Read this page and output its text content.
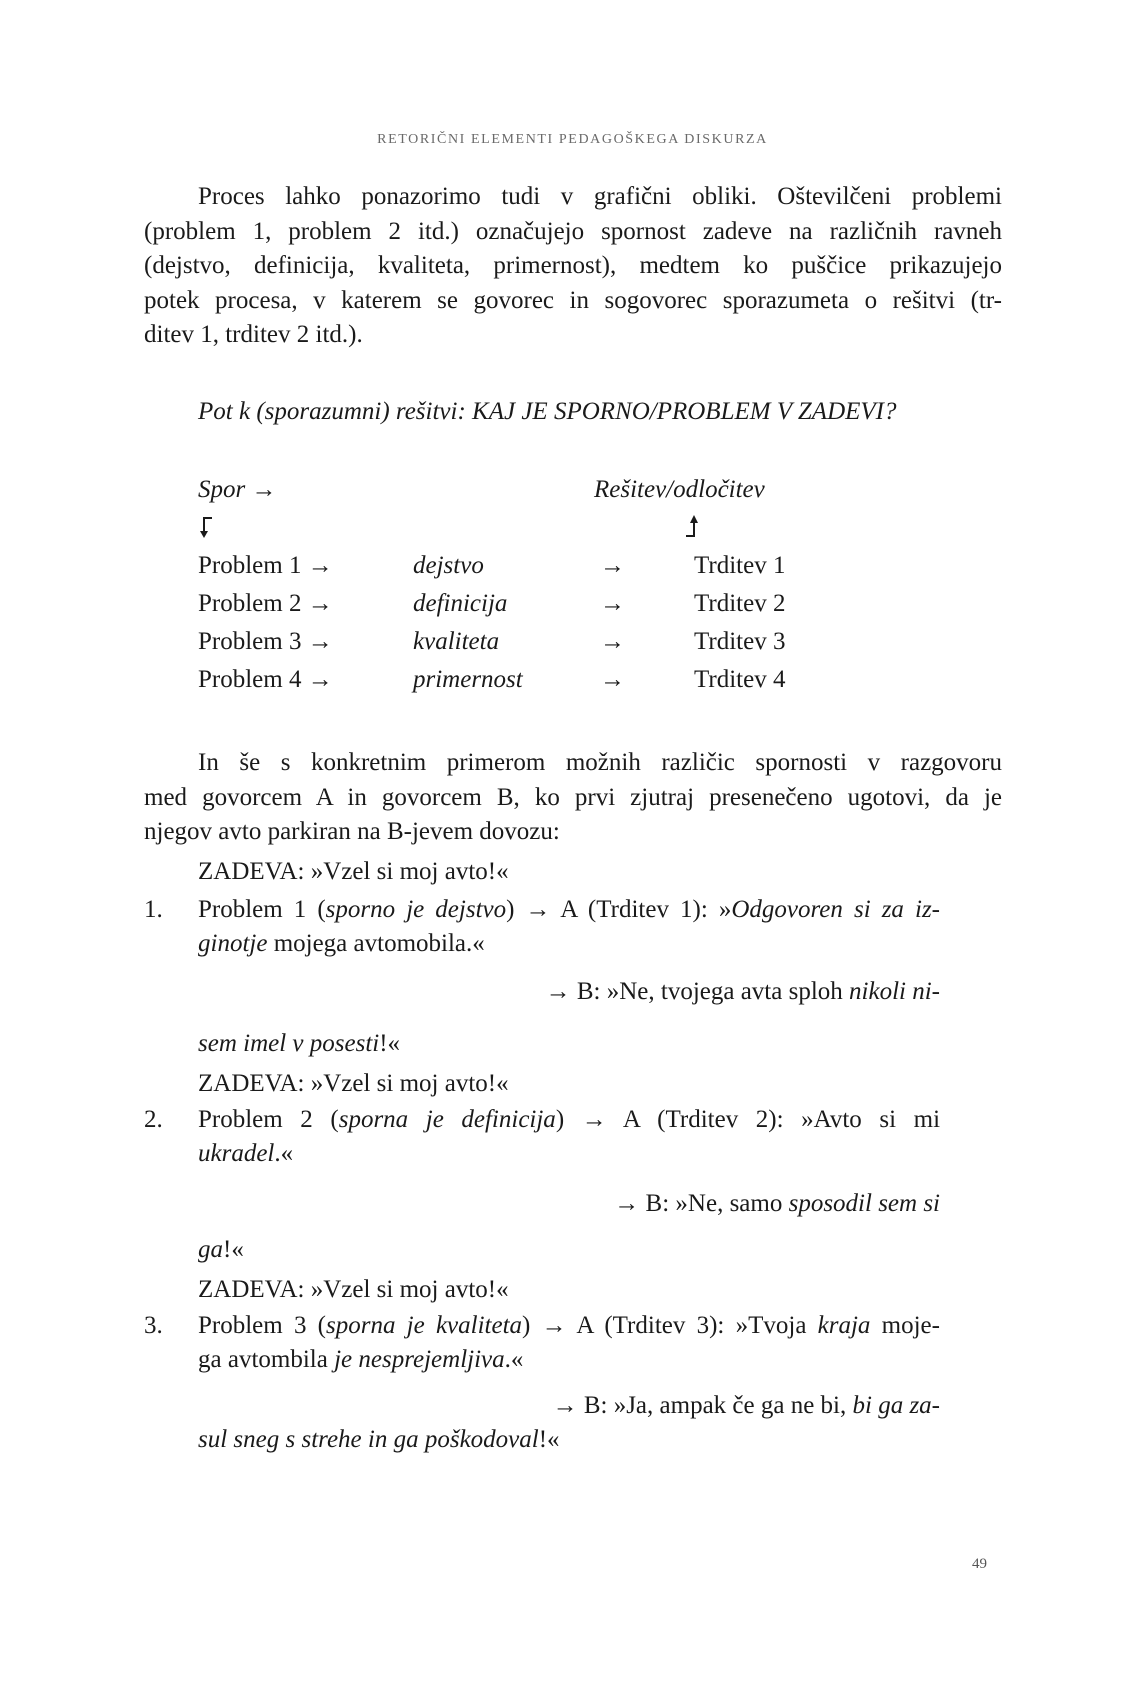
RETORIČNI ELEMENTI PEDAGOŠKEGA DISKURZA
Proces lahko ponazorimo tudi v grafični obliki. Oštevilčeni problemi
(problem 1, problem 2 itd.) označujejo spornost zadeve na različnih ravneh
(dejstvo, definicija, kvaliteta, primernost), medtem ko puščice prikazujejo
potek procesa, v katerem se govorec in sogovorec sporazumeta o rešitvi (tr-
ditev 1, trditev 2 itd.).
Pot k (sporazumni) rešitvi: KAJ JE SPORNO/PROBLEM V ZADEVI?
Spor →	Rešitev/odločitev
Problem 1 →	dejstvo	→	Trditev 1
Problem 2 →	definicija	→	Trditev 2
Problem 3 →	kvaliteta	→	Trditev 3
Problem 4 →	primernost	→	Trditev 4
In še s konkretnim primerom možnih različic spornosti v razgovoru
med govorcem A in govorcem B, ko prvi zjutraj presenečeno ugotovi, da je
njegov avto parkiran na B-jevem dovozu:
ZADEVA: »Vzel si moj avto!«
1. Problem 1 (sporno je dejstvo) → A (Trditev 1): »Odgovoren si za iz-
ginotje mojega avtomobila.«
→ B: »Ne, tvojega avta sploh nikoli ni-
sem imel v posesti!«
ZADEVA: »Vzel si moj avto!«
2. Problem 2 (sporna je definicija) → A (Trditev 2): »Avto si mi
ukradel.«
→ B: »Ne, samo sposodil sem si
ga!«
ZADEVA: »Vzel si moj avto!«
3. Problem 3 (sporna je kvaliteta) → A (Trditev 3): »Tvoja kraja moje-
ga avtombila je nesprejemljiva.«
→ B: »Ja, ampak če ga ne bi, bi ga za-
sul sneg s strehe in ga poškodoval!«
49
